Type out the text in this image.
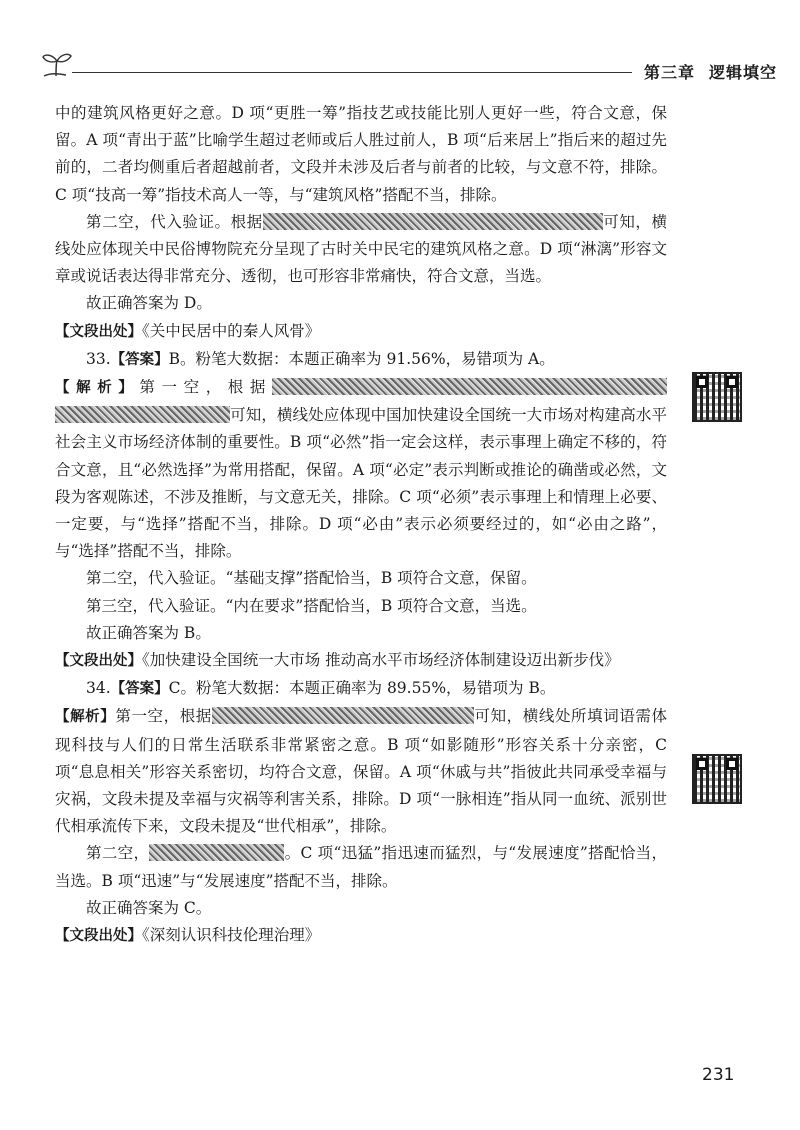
第三章 逻辑填空

中的建筑风格更好之意。D 项“更胜一筹”指技艺或技能比别人更好一些，符合文意，保留。A 项“青出于蓝”比喻学生超过老师或后人胜过前人，B 项“后来居上”指后来的超过先前的，二者均侧重后者超越前者，文段并未涉及后者与前者的比较，与文意不符，排除。C 项“技高一筹”指技术高人一等，与“建筑风格”搭配不当，排除。

第二空，代入验证。根据	可知，横线处应体现关中民俗博物院充分呈现了古时关中民宅的建筑风格之意。D 项“淋漓”形容文章或说话表达得非常充分、透彻，也可形容非常痛快，符合文意，当选。

故正确答案为 D。

【文段出处】《关中民居中的秦人风骨》

33.【答案】B。粉笔大数据：本题正确率为 91.56%，易错项为 A。

【解析】第一空，根据可知，横线处应体现中国加快建设全国统一大市场对构建高水平社会主义市场经济体制的重要性。B 项“必然”指一定会这样，表示事理上确定不移的，符合文意，且“必然选择”为常用搭配，保留。A 项“必定”表示判断或推论的确凿或必然，文段为客观陈述，不涉及推断，与文意无关，排除。C 项“必须”表示事理上和情理上必要、一定要，与“选择”搭配不当，排除。D 项“必由”表示必须要经过的，如“必由之路”，与“选择”搭配不当，排除。

第二空，代入验证。“基础支撑”搭配恰当，B 项符合文意，保留。

第三空，代入验证。“内在要求”搭配恰当，B 项符合文意，当选。

故正确答案为 B。

【文段出处】《加快建设全国统一大市场 推动高水平市场经济体制建设迈出新步伐》

34.【答案】C。粉笔大数据：本题正确率为 89.55%，易错项为 B。

【解析】第一空，根据	可知，横线处所填词语需体现科技与人们的日常生活联系非常紧密之意。B 项“如影随形”形容关系十分亲密，C 项“息息相关”形容关系密切，均符合文意，保留。A 项“休戚与共”指彼此共同承受幸福与灾祸，文段未提及幸福与灾祸等利害关系，排除。D 项“一脉相连”指从同一血统、派别世代相承流传下来，文段未提及“世代相承”，排除。

第二空，	。C 项“迅猛”指迅速而猛烈，与“发展速度”搭配恰当，当选。B 项“迅速”与“发展速度”搭配不当，排除。

故正确答案为 C。

【文段出处】《深刻认识科技伦理治理》

231
